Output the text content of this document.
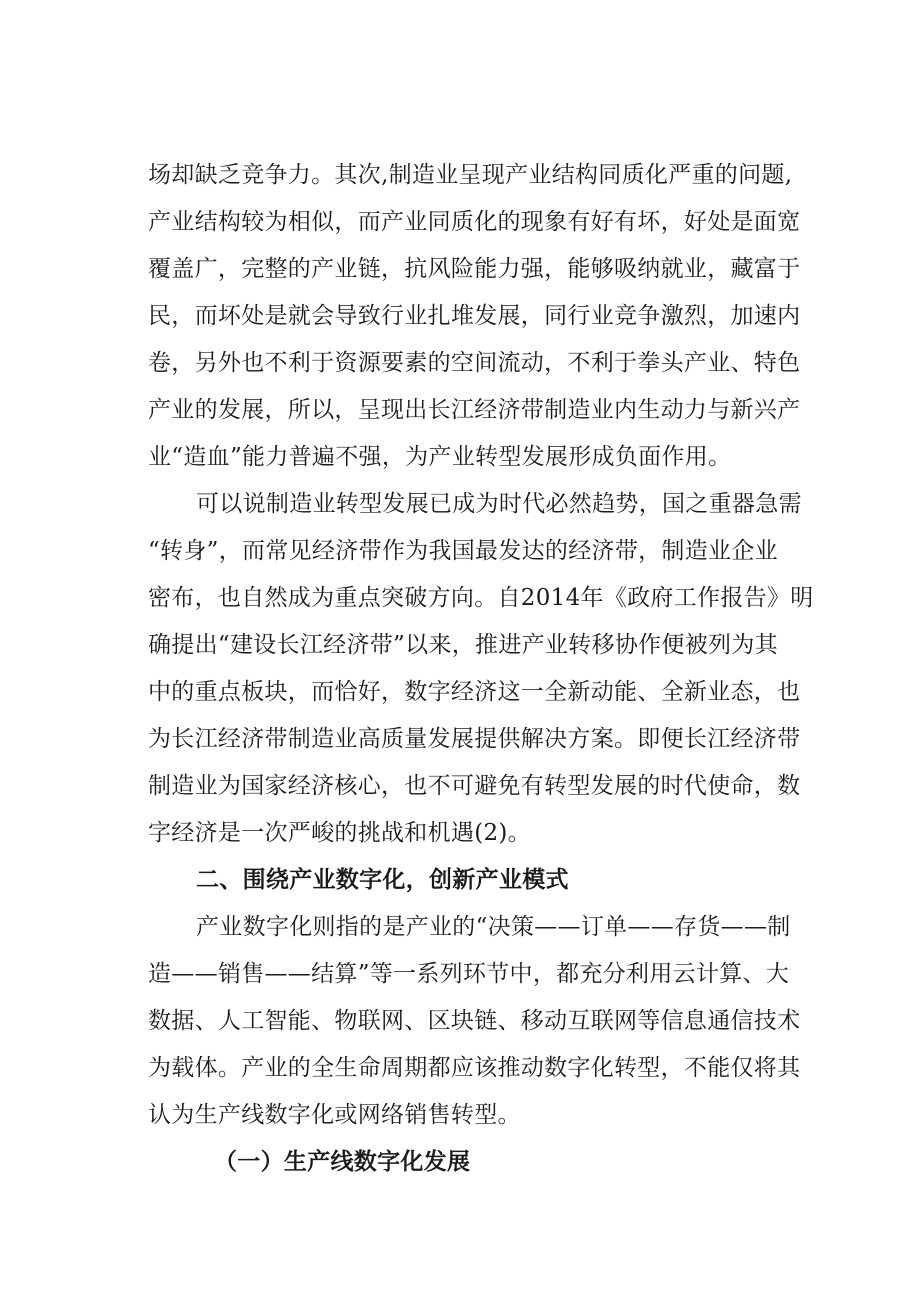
场却缺乏竞争力。其次,制造业呈现产业结构同质化严重的问题,
产业结构较为相似，而产业同质化的现象有好有坏，好处是面宽
覆盖广，完整的产业链，抗风险能力强，能够吸纳就业，藏富于
民，而坏处是就会导致行业扎堆发展，同行业竞争激烈，加速内
卷，另外也不利于资源要素的空间流动，不利于拳头产业、特色
产业的发展，所以，呈现出长江经济带制造业内生动力与新兴产
业“造血”能力普遍不强，为产业转型发展形成负面作用。
可以说制造业转型发展已成为时代必然趋势，国之重器急需
“转身”，而常见经济带作为我国最发达的经济带，制造业企业
密布，也自然成为重点突破方向。自2014年《政府工作报告》明
确提出“建设长江经济带”以来，推进产业转移协作便被列为其
中的重点板块，而恰好，数字经济这一全新动能、全新业态，也
为长江经济带制造业高质量发展提供解决方案。即便长江经济带
制造业为国家经济核心，也不可避免有转型发展的时代使命，数
字经济是一次严峻的挑战和机遇(2)。
二、围绕产业数字化，创新产业模式
产业数字化则指的是产业的“决策——订单——存货——制
造——销售——结算”等一系列环节中，都充分利用云计算、大
数据、人工智能、物联网、区块链、移动互联网等信息通信技术
为载体。产业的全生命周期都应该推动数字化转型，不能仅将其
认为生产线数字化或网络销售转型。
（一）生产线数字化发展
